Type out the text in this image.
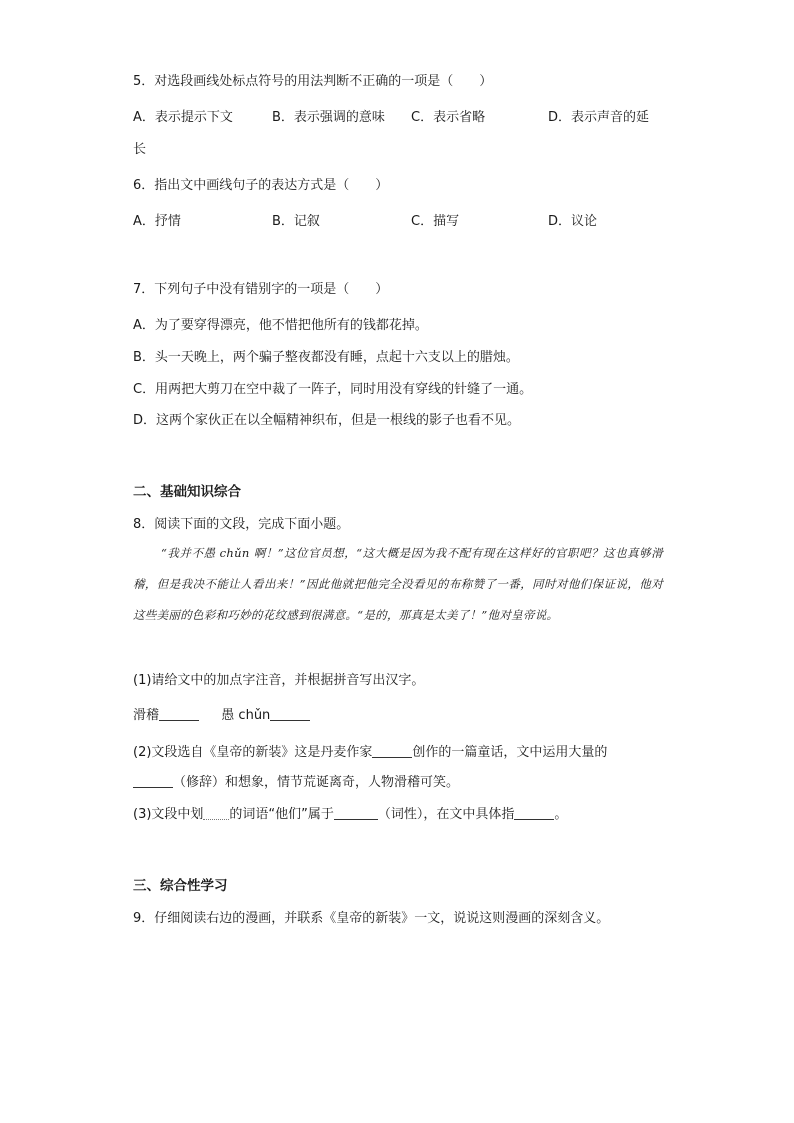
5．对选段画线处标点符号的用法判断不正确的一项是（　　）
A．表示提示下文	B．表示强调的意味 C．表示省略	D．表示声音的延
长
6．指出文中画线句子的表达方式是（　　）
A．抒情	B．记叙	C．描写	D．议论
7．下列句子中没有错别字的一项是（　　）
A．为了要穿得漂亮，他不惜把他所有的钱都花掉。
B．头一天晚上，两个骗子整夜都没有睡，点起十六支以上的腊烛。
C．用两把大剪刀在空中裁了一阵子，同时用没有穿线的针缝了一通。
D．这两个家伙正在以全幅精神织布，但是一根线的影子也看不见。
二、基础知识综合
8．阅读下面的文段，完成下面小题。
“我并不愚 chǔn 啊！”这位官员想，“这大概是因为我不配有现在这样好的官职吧？这也真够滑稽，但是我决不能让人看出来！”因此他就把他完全没看见的布称赞了一番，同时对他们保证说，他对这些美丽的色彩和巧妙的花纹感到很满意。“是的，那真是太美了！”他对皇帝说。
(1)请给文中的加点字注音，并根据拼音写出汉字。
滑稽	愚 chǔn
(2)文段选自《皇帝的新装》这是丹麦作家	创作的一篇童话，文中运用大量的
（修辞）和想象，情节荒诞离奇，人物滑稽可笑。
(3)文段中划 的词语“他们”属于	（词性），在文中具体指	。
三、综合性学习
9．仔细阅读右边的漫画，并联系《皇帝的新装》一文，说说这则漫画的深刻含义。
